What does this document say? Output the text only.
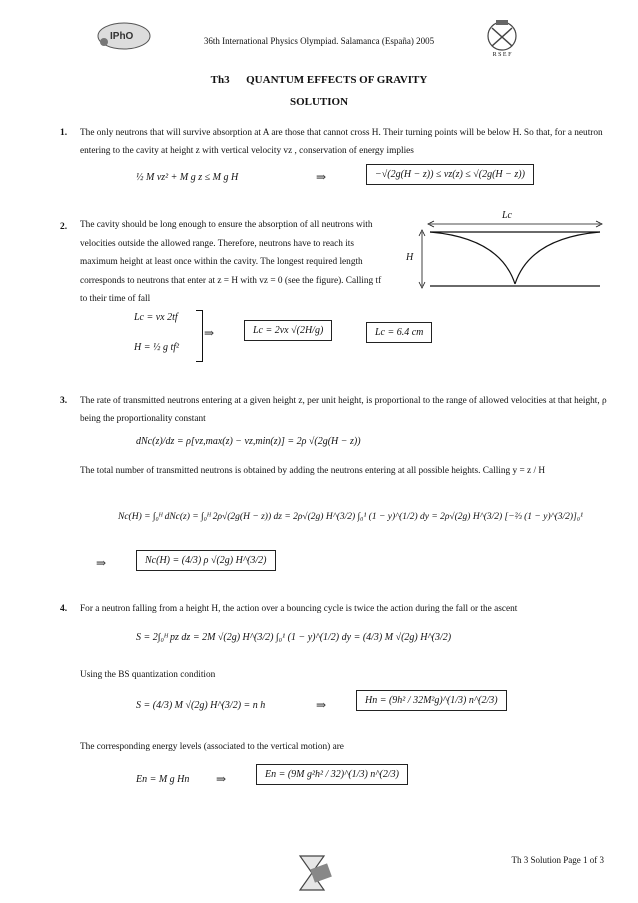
IPhO
R S E F
36th International Physics Olympiad. Salamanca (España) 2005
Th3 QUANTUM EFFECTS OF GRAVITY
SOLUTION
1. The only neutrons that will survive absorption at A are those that cannot cross H. Their turning points will be below H. So that, for a neutron entering to the cavity at height z with vertical velocity vz , conservation of energy implies
½ M vz² + M g z ≤ M g H	⇒	−√(2g(H − z)) ≤ vz(z) ≤ √(2g(H − z))
2. The cavity should be long enough to ensure the absorption of all neutrons with velocities outside the allowed range. Therefore, neutrons have to reach its maximum height at least once within the cavity. The longest required length corresponds to neutrons that enter at z = H with vz = 0 (see the figure). Calling tf to their time of fall
Lc
H
Lc = vx 2tf
H = ½ g tf²
⇒	Lc = 2vx √(2H/g)	Lc = 6.4 cm
3. The rate of transmitted neutrons entering at a given height z, per unit height, is proportional to the range of allowed velocities at that height, ρ being the proportionality constant
dNc(z)/dz = ρ[vz,max(z) − vz,min(z)] = 2ρ √(2g(H − z))
The total number of transmitted neutrons is obtained by adding the neutrons entering at all possible heights. Calling y = z / H
Nc(H) = ∫₀ᴴ dNc(z) = ∫₀ᴴ 2ρ√(2g(H − z)) dz = 2ρ√(2g) H^(3/2) ∫₀¹ (1 − y)^(1/2) dy = 2ρ√(2g) H^(3/2) [−⅔ (1 − y)^(3/2)]₀¹
⇒	Nc(H) = (4/3) ρ √(2g) H^(3/2)
4. For a neutron falling from a height H, the action over a bouncing cycle is twice the action during the fall or the ascent
S = 2∫₀ᴴ pz dz = 2M √(2g) H^(3/2) ∫₀¹ (1 − y)^(1/2) dy = (4/3) M √(2g) H^(3/2)
Using the BS quantization condition
S = (4/3) M √(2g) H^(3/2) = n h	⇒	Hn = (9h² / 32M²g)^(1/3) n^(2/3)
The corresponding energy levels (associated to the vertical motion) are
En = M g Hn ⇒	En = (9M g²h² / 32)^(1/3) n^(2/3)
Th 3 Solution Page 1 of 3
